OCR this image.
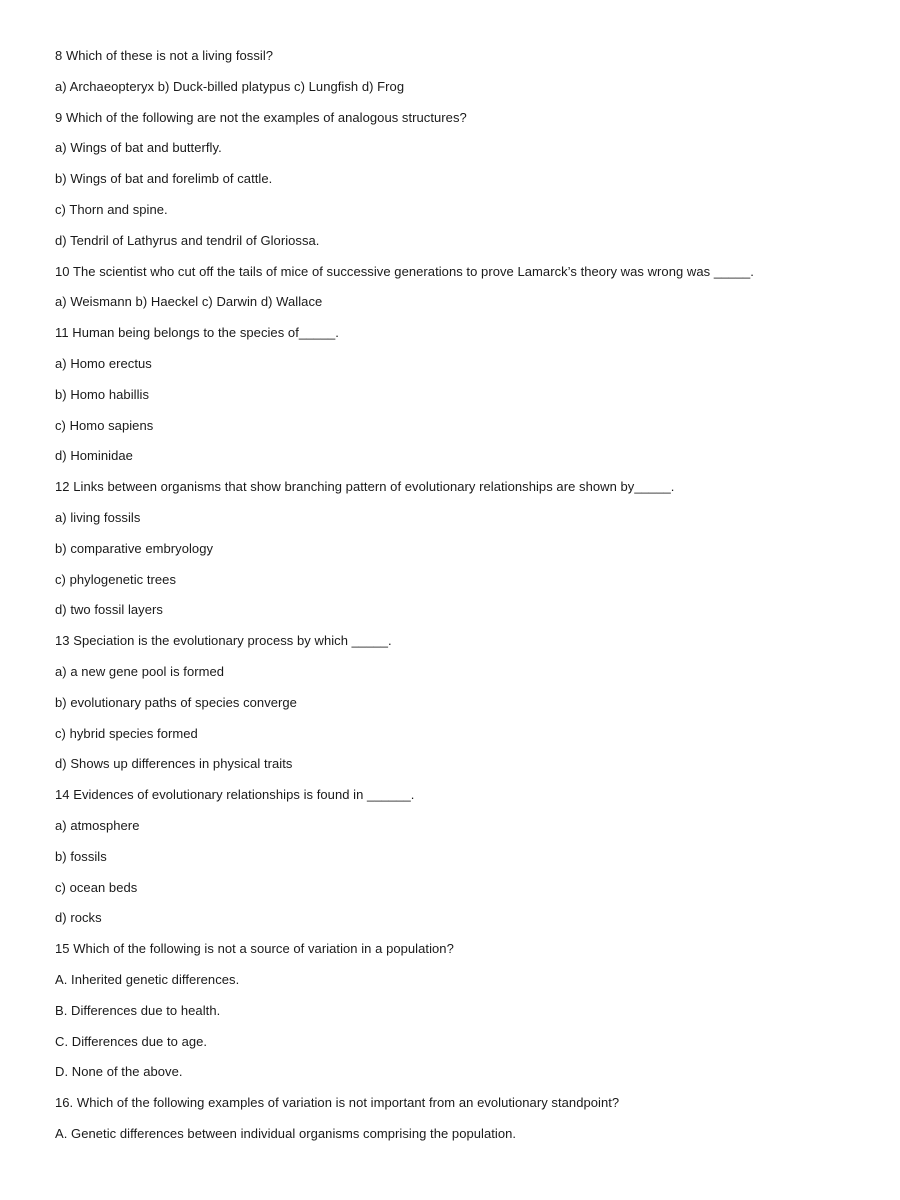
8 Which of these is not a living fossil?
a) Archaeopteryx b) Duck-billed platypus c) Lungfish d) Frog
9 Which of the following are not the examples of analogous structures?
a) Wings of bat and butterfly.
b) Wings of bat and forelimb of cattle.
c) Thorn and spine.
d) Tendril of Lathyrus and tendril of Gloriossa.
10 The scientist who cut off the tails of mice of successive generations to prove Lamarck’s theory was wrong was _____.
a) Weismann b) Haeckel c) Darwin d) Wallace
11 Human being belongs to the species of_____.
a) Homo erectus
b) Homo habillis
c) Homo sapiens
d) Hominidae
12 Links between organisms that show branching pattern of evolutionary relationships are shown by_____.
a) living fossils
b) comparative embryology
c) phylogenetic trees
d) two fossil layers
13 Speciation is the evolutionary process by which _____.
a) a new gene pool is formed
b) evolutionary paths of species converge
c) hybrid species formed
d) Shows up differences in physical traits
14 Evidences of evolutionary relationships is found in ______.
a) atmosphere
b) fossils
c) ocean beds
d) rocks
15 Which of the following is not a source of variation in a population?
A. Inherited genetic differences.
B. Differences due to health.
C. Differences due to age.
D. None of the above.
16. Which of the following examples of variation is not important from an evolutionary standpoint?
A. Genetic differences between individual organisms comprising the population.
